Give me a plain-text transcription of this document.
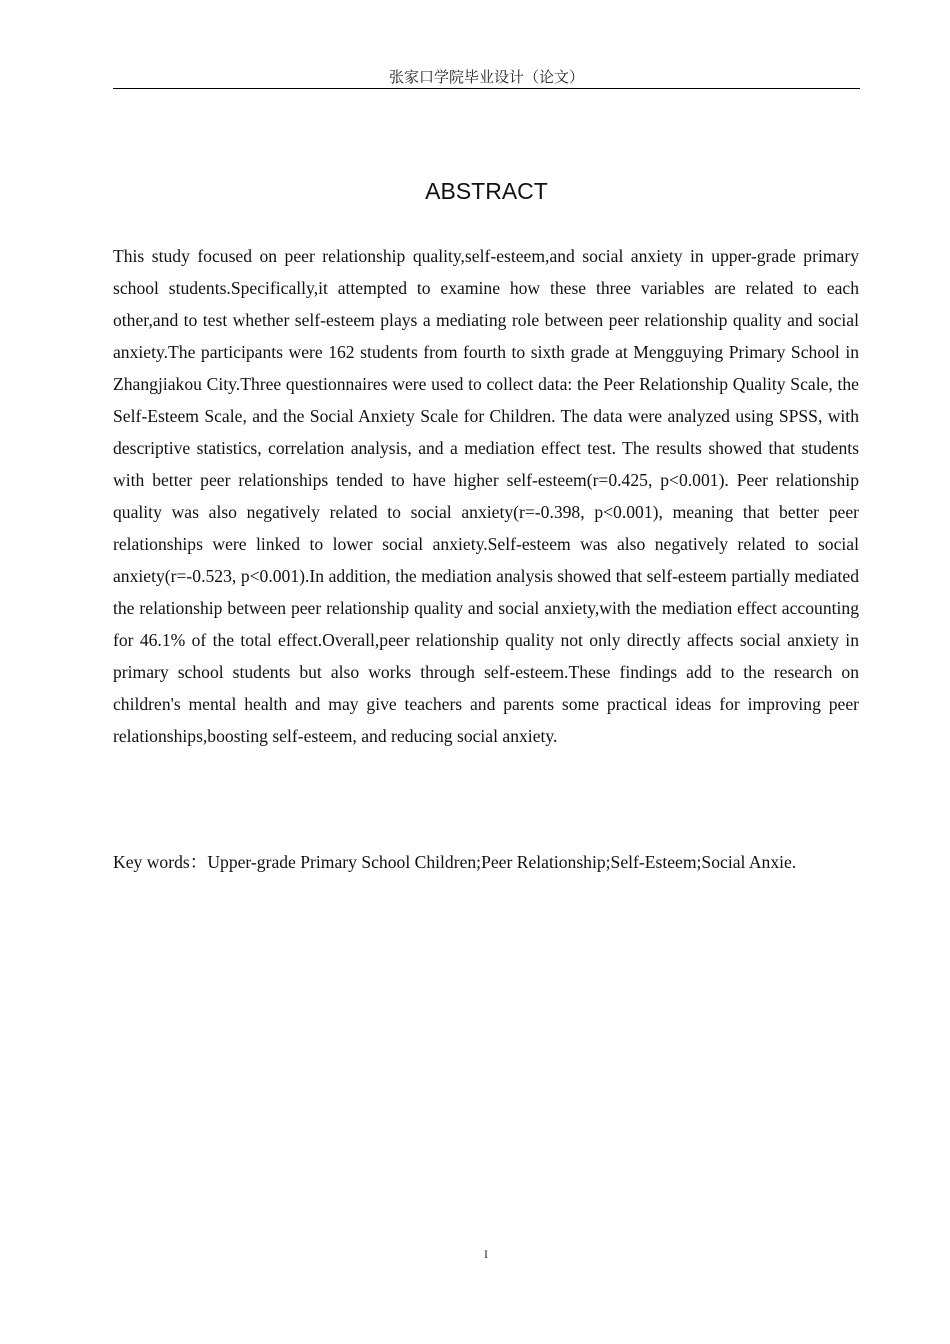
张家口学院毕业设计（论文）
ABSTRACT

This study focused on peer relationship quality,self-esteem,and social anxiety in upper-grade primary school students.Specifically,it attempted to examine how these three variables are related to each other,and to test whether self-esteem plays a mediating role between peer relationship quality and social anxiety.The participants were 162 students from fourth to sixth grade at Mengguying Primary School in Zhangjiakou City.Three questionnaires were used to collect data: the Peer Relationship Quality Scale, the Self-Esteem Scale, and the Social Anxiety Scale for Children. The data were analyzed using SPSS, with descriptive statistics, correlation analysis, and a mediation effect test. The results showed that students with better peer relationships tended to have higher self-esteem(r=0.425, p<0.001). Peer relationship quality was also negatively related to social anxiety(r=-0.398, p<0.001), meaning that better peer relationships were linked to lower social anxiety.Self-esteem was also negatively related to social anxiety(r=-0.523, p<0.001).In addition, the mediation analysis showed that self-esteem partially mediated the relationship between peer relationship quality and social anxiety,with the mediation effect accounting for 46.1% of the total effect.Overall,peer relationship quality not only directly affects social anxiety in primary school students but also works through self-esteem.These findings add to the research on children's mental health and may give teachers and parents some practical ideas for improving peer relationships,boosting self-esteem, and reducing social anxiety.

Key words：Upper-grade Primary School Children;Peer Relationship;Self-Esteem;Social Anxie.
I
